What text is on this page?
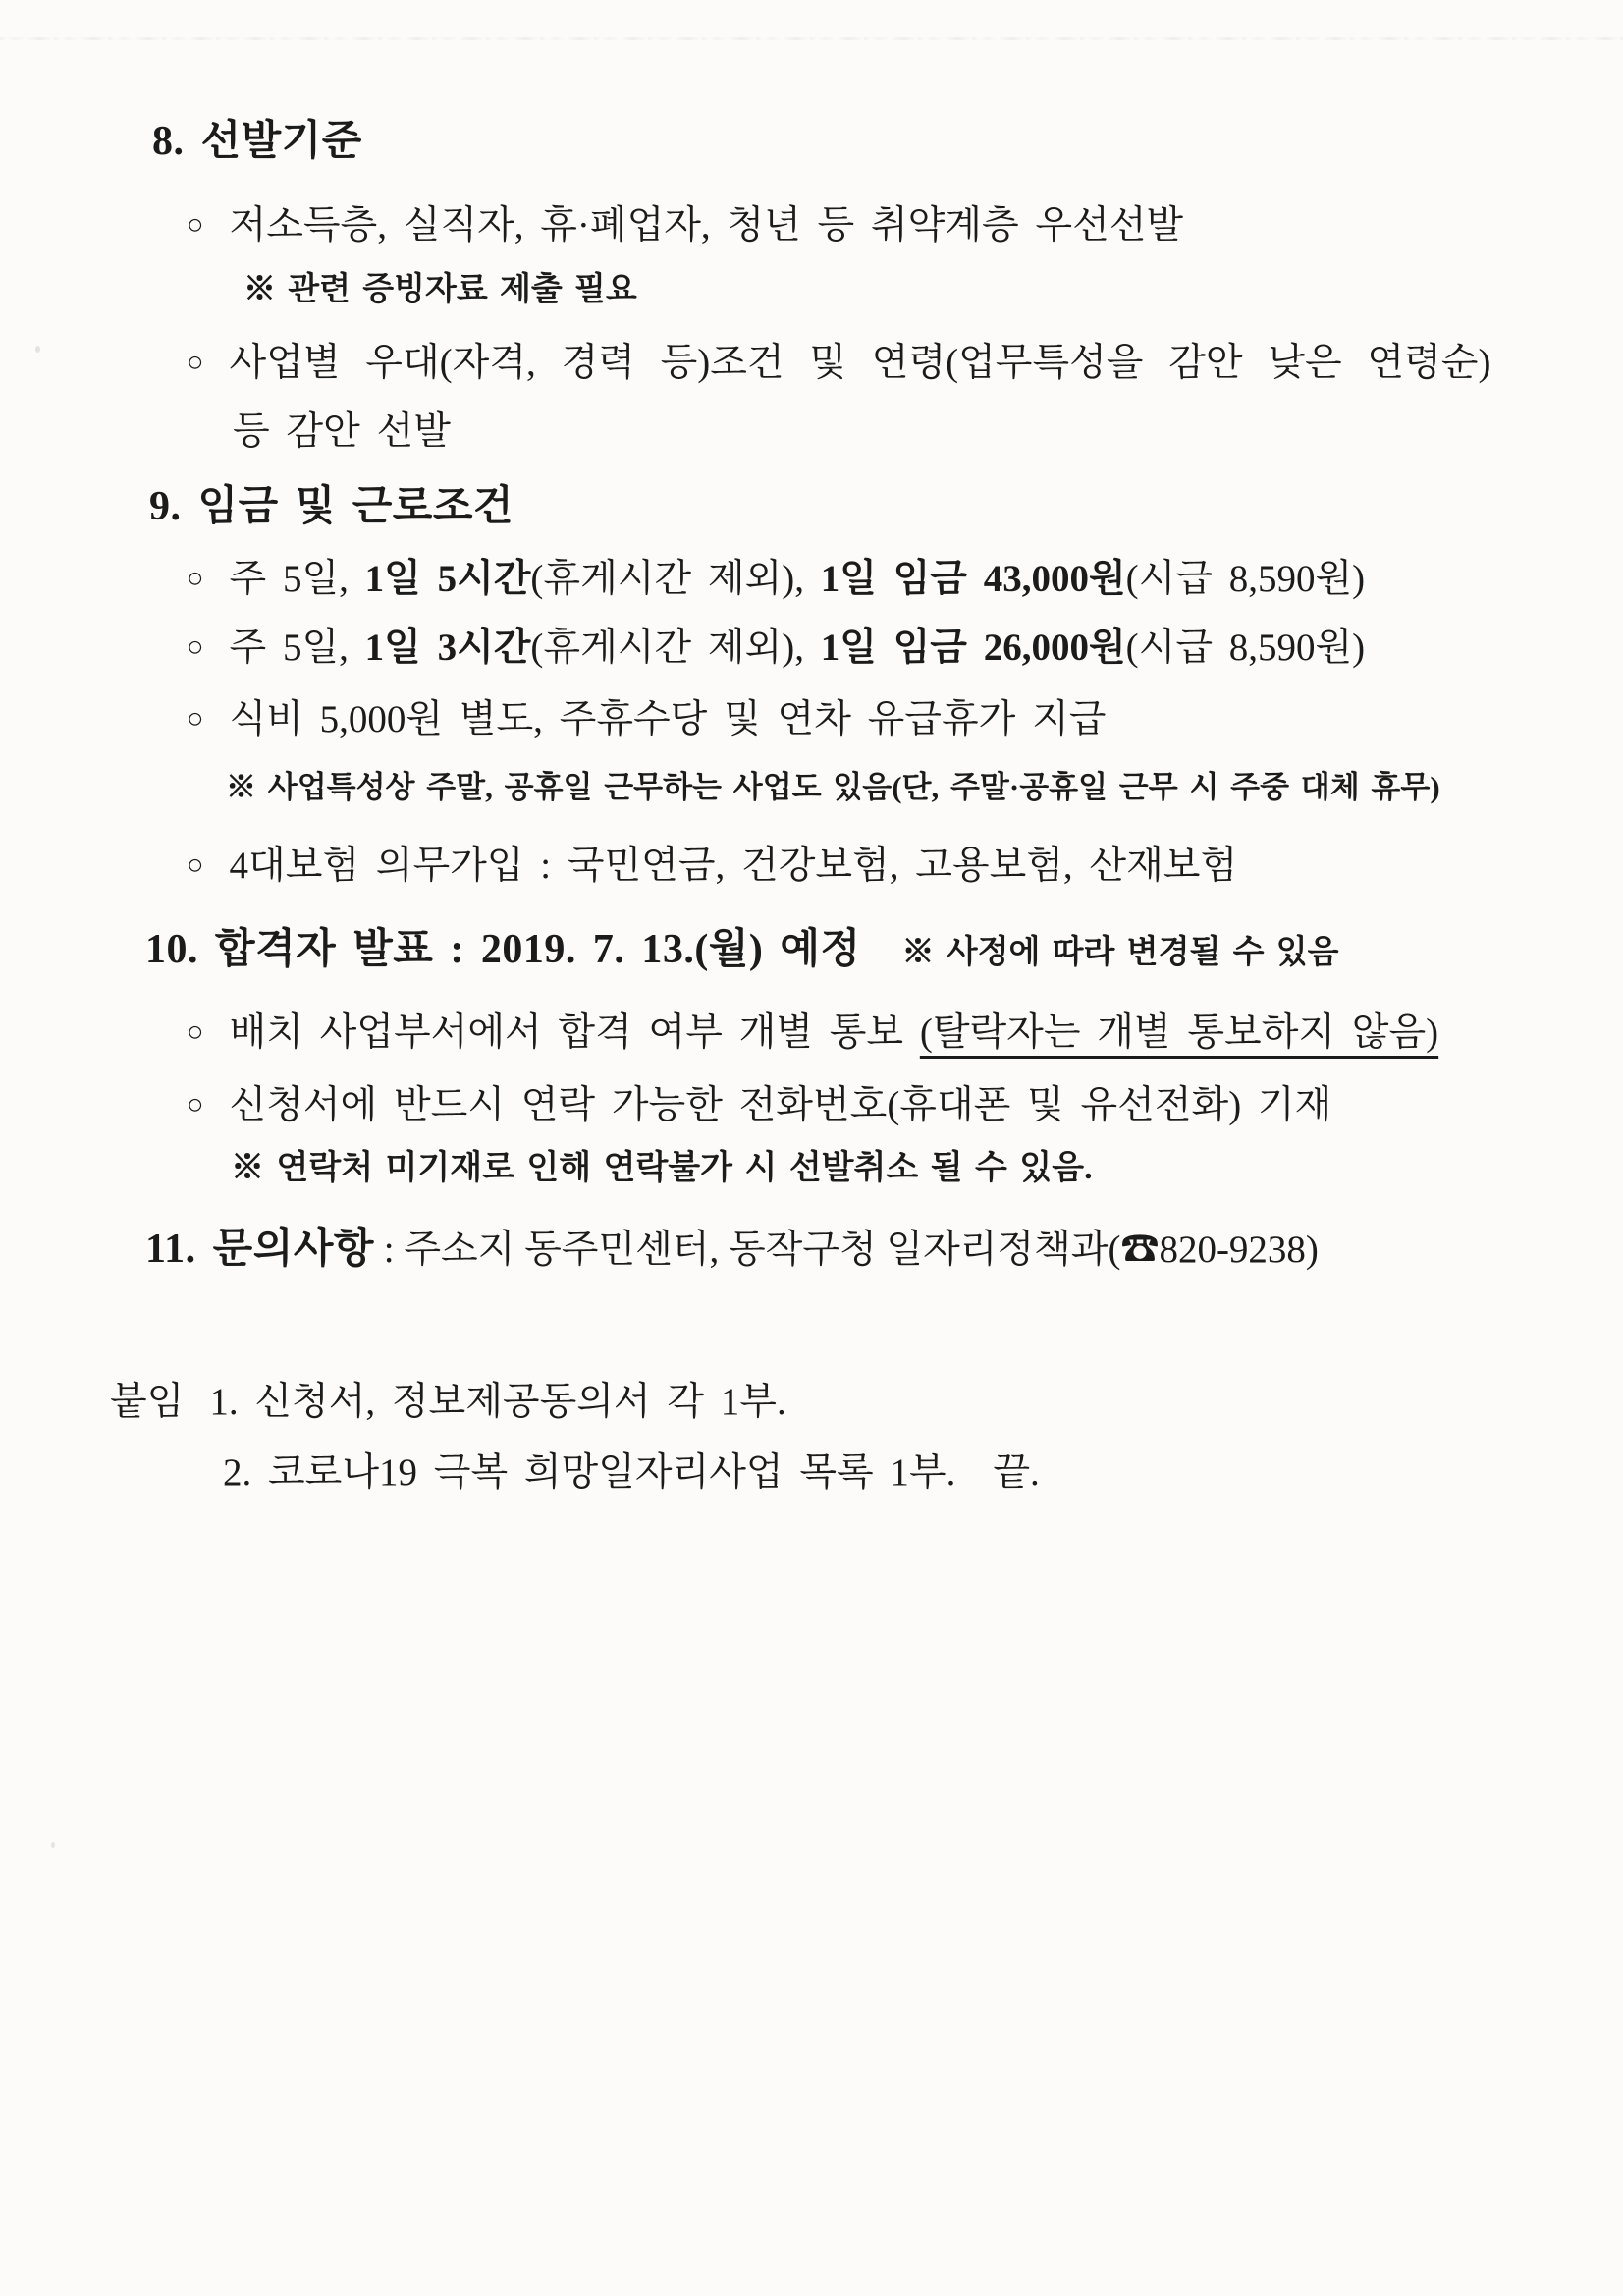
8. 선발기준
○ 저소득층, 실직자, 휴·폐업자, 청년 등 취약계층 우선선발
※ 관련 증빙자료 제출 필요
○ 사업별 우대(자격, 경력 등)조건 및 연령(업무특성을 감안 낮은 연령순)
등 감안 선발
9. 임금 및 근로조건
○ 주 5일, 1일 5시간(휴게시간 제외), 1일 임금 43,000원(시급 8,590원)
○ 주 5일, 1일 3시간(휴게시간 제외), 1일 임금 26,000원(시급 8,590원)
○ 식비 5,000원 별도, 주휴수당 및 연차 유급휴가 지급
※ 사업특성상 주말, 공휴일 근무하는 사업도 있음(단, 주말·공휴일 근무 시 주중 대체 휴무)
○ 4대보험 의무가입 : 국민연금, 건강보험, 고용보험, 산재보험
10. 합격자 발표 : 2019. 7. 13.(월) 예정 ※ 사정에 따라 변경될 수 있음
○ 배치 사업부서에서 합격 여부 개별 통보 (탈락자는 개별 통보하지 않음)
○ 신청서에 반드시 연락 가능한 전화번호(휴대폰 및 유선전화) 기재
※ 연락처 미기재로 인해 연락불가 시 선발취소 될 수 있음.
11. 문의사항 : 주소지 동주민센터, 동작구청 일자리정책과(☎820-9238)
붙임 1. 신청서, 정보제공동의서 각 1부.
2. 코로나19 극복 희망일자리사업 목록 1부. 끝.
